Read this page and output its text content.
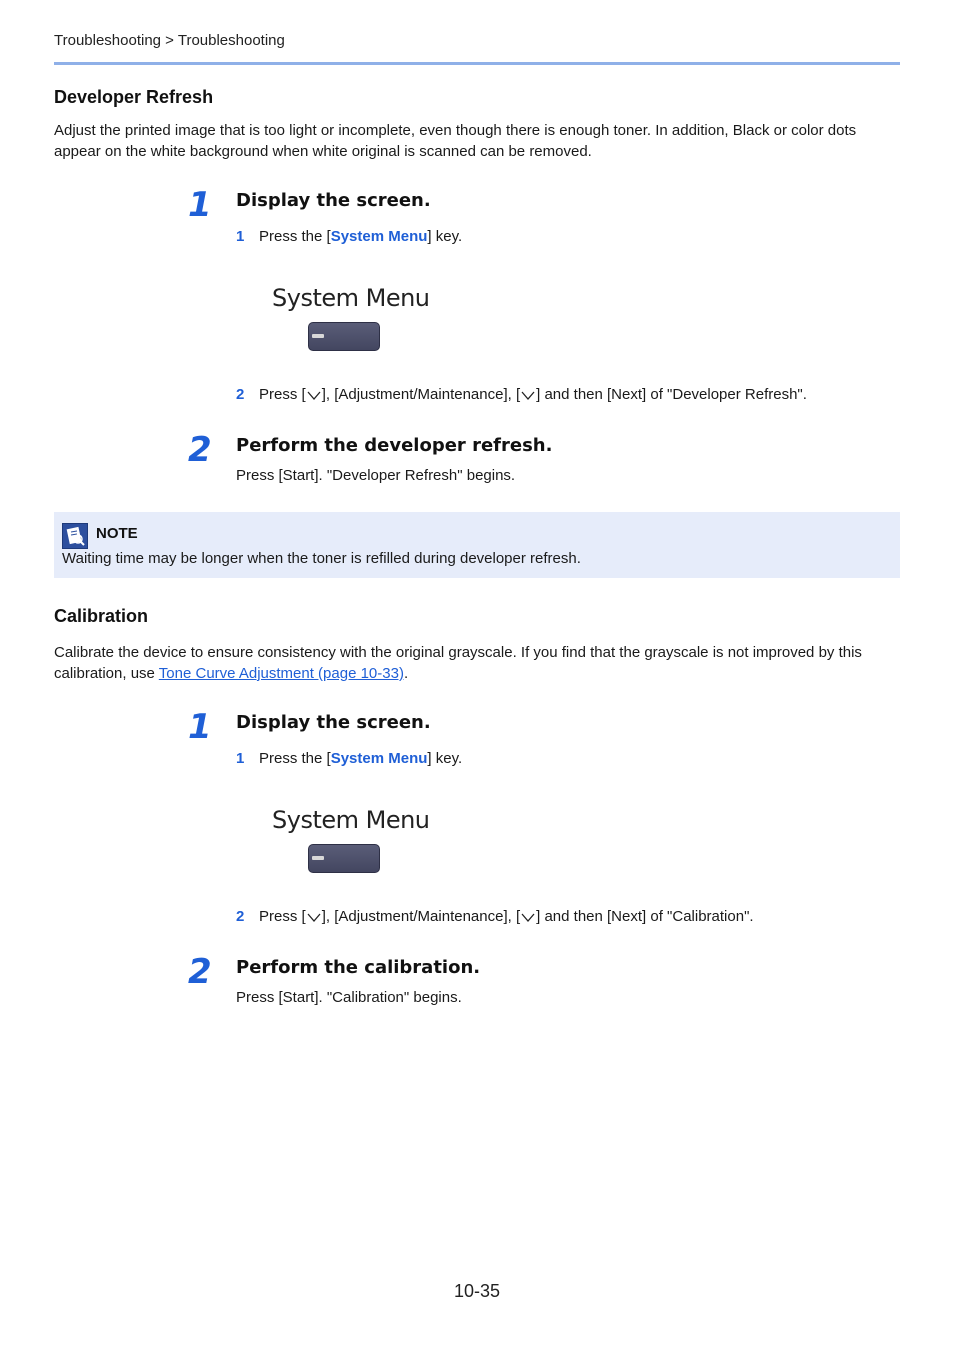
Troubleshooting > Troubleshooting
Developer Refresh
Adjust the printed image that is too light or incomplete, even though there is enough toner. In addition, Black or color dots appear on the white background when white original is scanned can be removed.
1 Display the screen.
1 Press the [System Menu] key.
System Menu
2 Press [ ], [Adjustment/Maintenance], [ ] and then [Next] of "Developer Refresh".
2 Perform the developer refresh.
Press [Start]. "Developer Refresh" begins.
NOTE
Waiting time may be longer when the toner is refilled during developer refresh.
Calibration
Calibrate the device to ensure consistency with the original grayscale. If you find that the grayscale is not improved by this calibration, use Tone Curve Adjustment (page 10-33).
1 Display the screen.
1 Press the [System Menu] key.
System Menu
2 Press [ ], [Adjustment/Maintenance], [ ] and then [Next] of "Calibration".
2 Perform the calibration.
Press [Start]. "Calibration" begins.
10-35
